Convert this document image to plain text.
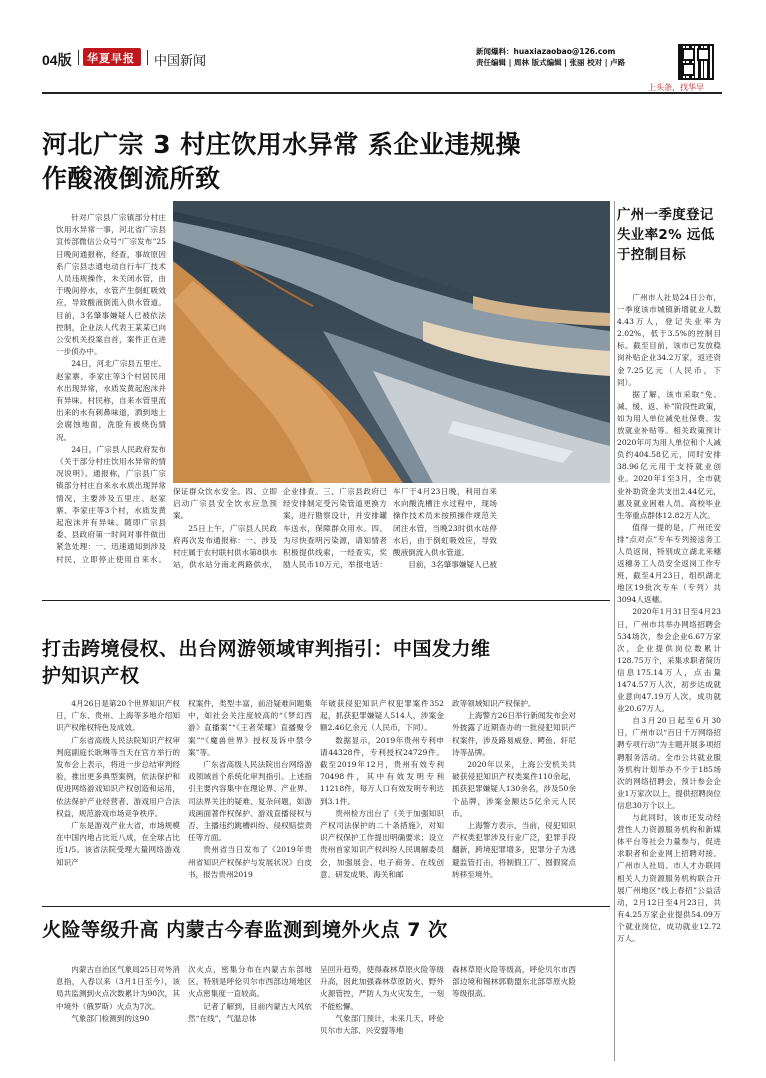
04版 华夏早报 中国新闻
新闻爆料：huaxiazaobao@126.com
责任编辑 | 周林 版式编辑 | 张丽 校对 | 卢路
上头条，找华早
河北广宗 3 村庄饮用水异常 系企业违规操
作酸液倒流所致

针对广宗县广宗镇部分村庄饮用水异常一事，河北省广宗县宣传部微信公众号“广宗发布”25日晚间通报称，经查，事故原因系广宗县志通电动自行车厂技术人员违规操作，未关闭水管，由于晚间停水，水管产生倒虹吸效应，导致酸液倒流入供水管道。目前，3名肇事嫌疑人已被依法控制，企业法人代表王某某已向公安机关投案自首，案件正在进一步侦办中。

24日，河北广宗县五里庄、赵家寨、李家庄等3个村居民用水出现异常，水质发黄起泡沫并有异味。村民称，自来水管里流出来的水有刺鼻味道，洒到地上会腐蚀地面，洗脸有被烧伤情况。

24日，广宗县人民政府发布《关于部分村庄饮用水异常的情况说明》。通报称，广宗县广宗镇部分村庄自来水水质出现异常情况，主要涉及五里庄、赵家寨、李家庄等3个村，水质发黄起泡沫并有异味。随即广宗县委、县政府第一时间对事件做出紧急处理：一、迅速通知到涉及村民，立即停止使用自来水。

保证群众饮水安全。四、立即启动广宗县安全饮水应急预案。

25日上午，广宗县人民政府再次发布通报称：一、涉及村庄属于农村联村供水第8供水站，供水站分南北两路供水，

企业排查。三、广宗县政府已经安排制定受污染管道更换方案，进行勘察设计，并安排罐车送水，保障群众用水。四、为尽快查明污染源，请知情者积极提供线索，一经查实，奖励人民币10万元，举报电话：

车厂于4月23日晚，利用自来水向酸洗槽注水过程中，现场操作技术员未按照操作规范关闭注水管，当晚23时供水站停水后，由于倒虹吸效应，导致酸液倒流入供水管道。

目前，3名肇事嫌疑人已被

打击跨境侵权、出台网游领域审判指引：中国发力维
护知识产权

4月26日是第20个世界知识产权日，广东、贵州、上海等多地介绍知识产权维权特色及成效。

广东省高级人民法院知识产权审判庭副庭长耿琳等当天在官方举行的发布会上表示，将进一步总结审判经验，推出更多典型案例，依法保护和促进网络游戏知识产权创造和运用，依法保护产业经营者、游戏用户合法权益，规范游戏市场竞争秩序。

广东是游戏产业大省，市场规模在中国内地占比近八成，在全球占比近1/5。该省法院受理大量网络游戏知识产

权案件，类型丰富，前沿疑难问题集中，如社会关注度较高的“《梦幻西游》直播案”“《王者荣耀》直播聚令案”“《魔兽世界》授权及诉中禁令案”等。

广东省高级人民法院出台网络游戏领域首个系统化审判指引。上述指引主要内容集中在理论界、产业界、司法界关注的疑难、复杂问题，如游戏画面著作权保护、游戏直播侵权与否、主播违约跳槽纠纷、侵权赔偿责任等方面。

贵州省当日发布了《2019年贵州省知识产权保护与发展状况》白皮书，报告贵州2019

年破获侵犯知识产权犯罪案件352起，抓获犯罪嫌疑人514人，涉案金额2.46亿余元（人民币，下同）。

数据显示，2019年贵州专利申请44328件，专利授权24729件。截至2019年12月，贵州有效专利70498件，其中有效发明专利11218件，每万人口有效发明专利达到3.1件。

贵州检方出台了《关于加强知识产权司法保护的二十条措施》，对知识产权保护工作提出明确要求；设立贵州首家知识产权纠纷人民调解委员会，加强展会、电子商务、在线创意、研发成果、海关和邮

政等领域知识产权保护。

上海警方26日举行新闻发布会对外披露了近期查办的一批侵犯知识产权案件，涉及路易威登、鳄鱼、轩尼诗等品牌。

2020年以来，上海公安机关共破获侵犯知识产权类案件110余起，抓获犯罪嫌疑人130余名，涉及50余个品牌，涉案金额达5亿余元人民币。

上海警方表示，当前，侵犯知识产权类犯罪涉及行业广泛，犯罪手段翻新，跨境犯罪增多，犯罪分子为逃避监管打击，将制假工厂、囤假窝点转移至境外。

火险等级升高 内蒙古今春监测到境外火点 7 次

内蒙古自治区气象局25日对外消息指，入春以来（3月1日至今），该局共监测到火点次数累计为90次，其中境外（俄罗斯）火点为7次。

气象部门检测到的这90

次火点，密集分布在内蒙古东部地区，特别是呼伦贝尔市西部边境地区火点密集度一直较高。

记者了解到，目前内蒙古大风依然“在线”，气温总体

呈回升趋势，使得森林草原火险等级升高，因此加强森林草原防火、野外火源管控，严防人为火灾发生，一刻不能松懈。

气象部门预计，未来几天，呼伦贝尔市大部、兴安盟等地

森林草原火险等级高，呼伦贝尔市西部边境和锡林郭勒盟东北部草原火险等级很高。

广州一季度登记失业率2% 远低于控制目标

广州市人社局24日公布，一季度该市城镇新增就业人数4.43万人，登记失业率为2.02%，低于3.5%的控制目标。截至目前，该市已发放稳岗补贴企业34.2万家，返还资金7.25亿元（人民币，下同）。

据了解，该市采取“免、减、缓、返、补”阶段性政策，如为用人单位减免社保费、发放就业补贴等。相关政策预计2020年可为用人单位和个人减负约404.58亿元，同时安排38.96亿元用于支持就业创业。2020年1至3月，全市就业补助资金共支出2.44亿元，惠及就业困难人员、高校毕业生等重点群体12.82万人次。

值得一提的是，广州还安排“点对点”专车专列接送务工人员返岗，特别成立湖北来穗返穗务工人员安全返岗工作专班，截至4月23日，组织湖北地区19批次专车（专列）共3094人返穗。

2020年1月31日至4月23日，广州市共举办网络招聘会534场次，参会企业6.67万家次，企业提供岗位数累计128.75万个，采集求职者简历信息175.14万人，点击量1474.57万人次，初步达成就业意向47.19万人次，成功就业20.67万人。

自3月20日起至6月30日，广州市以“百日千万网络招聘专项行动”为主题开展多项招聘服务活动。全市公共就业服务机构计划举办不少于185场次的网络招聘会，预计参会企业1万家次以上，提供招聘岗位信息30万个以上。

与此同时，该市还发动经营性人力资源服务机构和新媒体平台等社会力量参与，促进求职者和企业网上招聘对接。广州市人社局、市人才办联同相关人力资源服务机构联合开展广州地区“线上春招”公益活动，2月12日至4月23日，共有4.25万家企业提供54.09万个就业岗位，成功就业12.72万人。
